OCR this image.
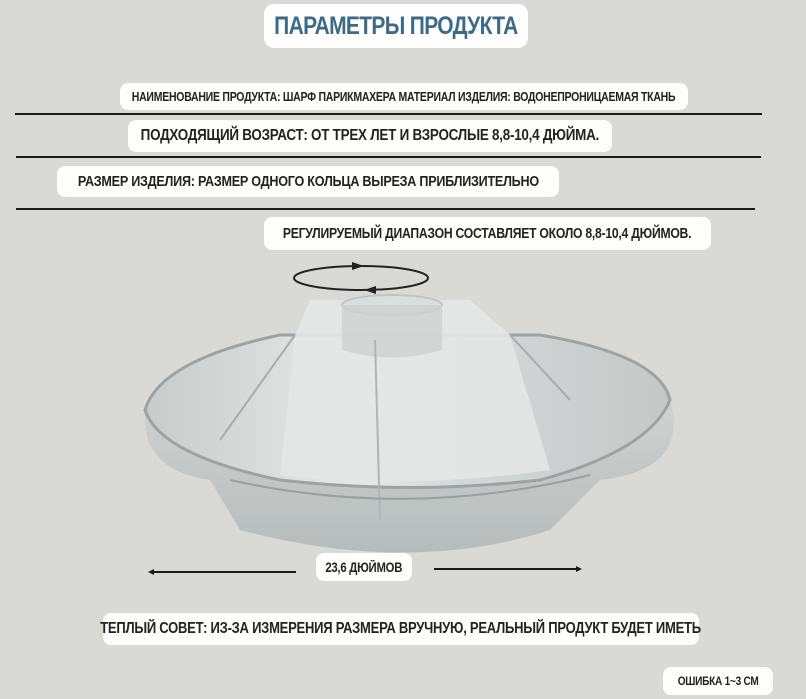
ПАРАМЕТРЫ ПРОДУКТА
НАИМЕНОВАНИЕ ПРОДУКТА: ШАРФ ПАРИКМАХЕРА МАТЕРИАЛ ИЗДЕЛИЯ: ВОДОНЕПРОНИЦАЕМАЯ ТКАНЬ
ПОДХОДЯЩИЙ ВОЗРАСТ: ОТ ТРЕХ ЛЕТ И ВЗРОСЛЫЕ 8,8-10,4 ДЮЙМА.
РАЗМЕР ИЗДЕЛИЯ: РАЗМЕР ОДНОГО КОЛЬЦА ВЫРЕЗА ПРИБЛИЗИТЕЛЬНО
РЕГУЛИРУЕМЫЙ ДИАПАЗОН СОСТАВЛЯЕТ ОКОЛО 8,8-10,4 ДЮЙМОВ.
23,6 ДЮЙМОВ
ТЕПЛЫЙ СОВЕТ: ИЗ-ЗА ИЗМЕРЕНИЯ РАЗМЕРА ВРУЧНУЮ, РЕАЛЬНЫЙ ПРОДУКТ БУДЕТ ИМЕТЬ
ОШИБКА 1~3 СМ
